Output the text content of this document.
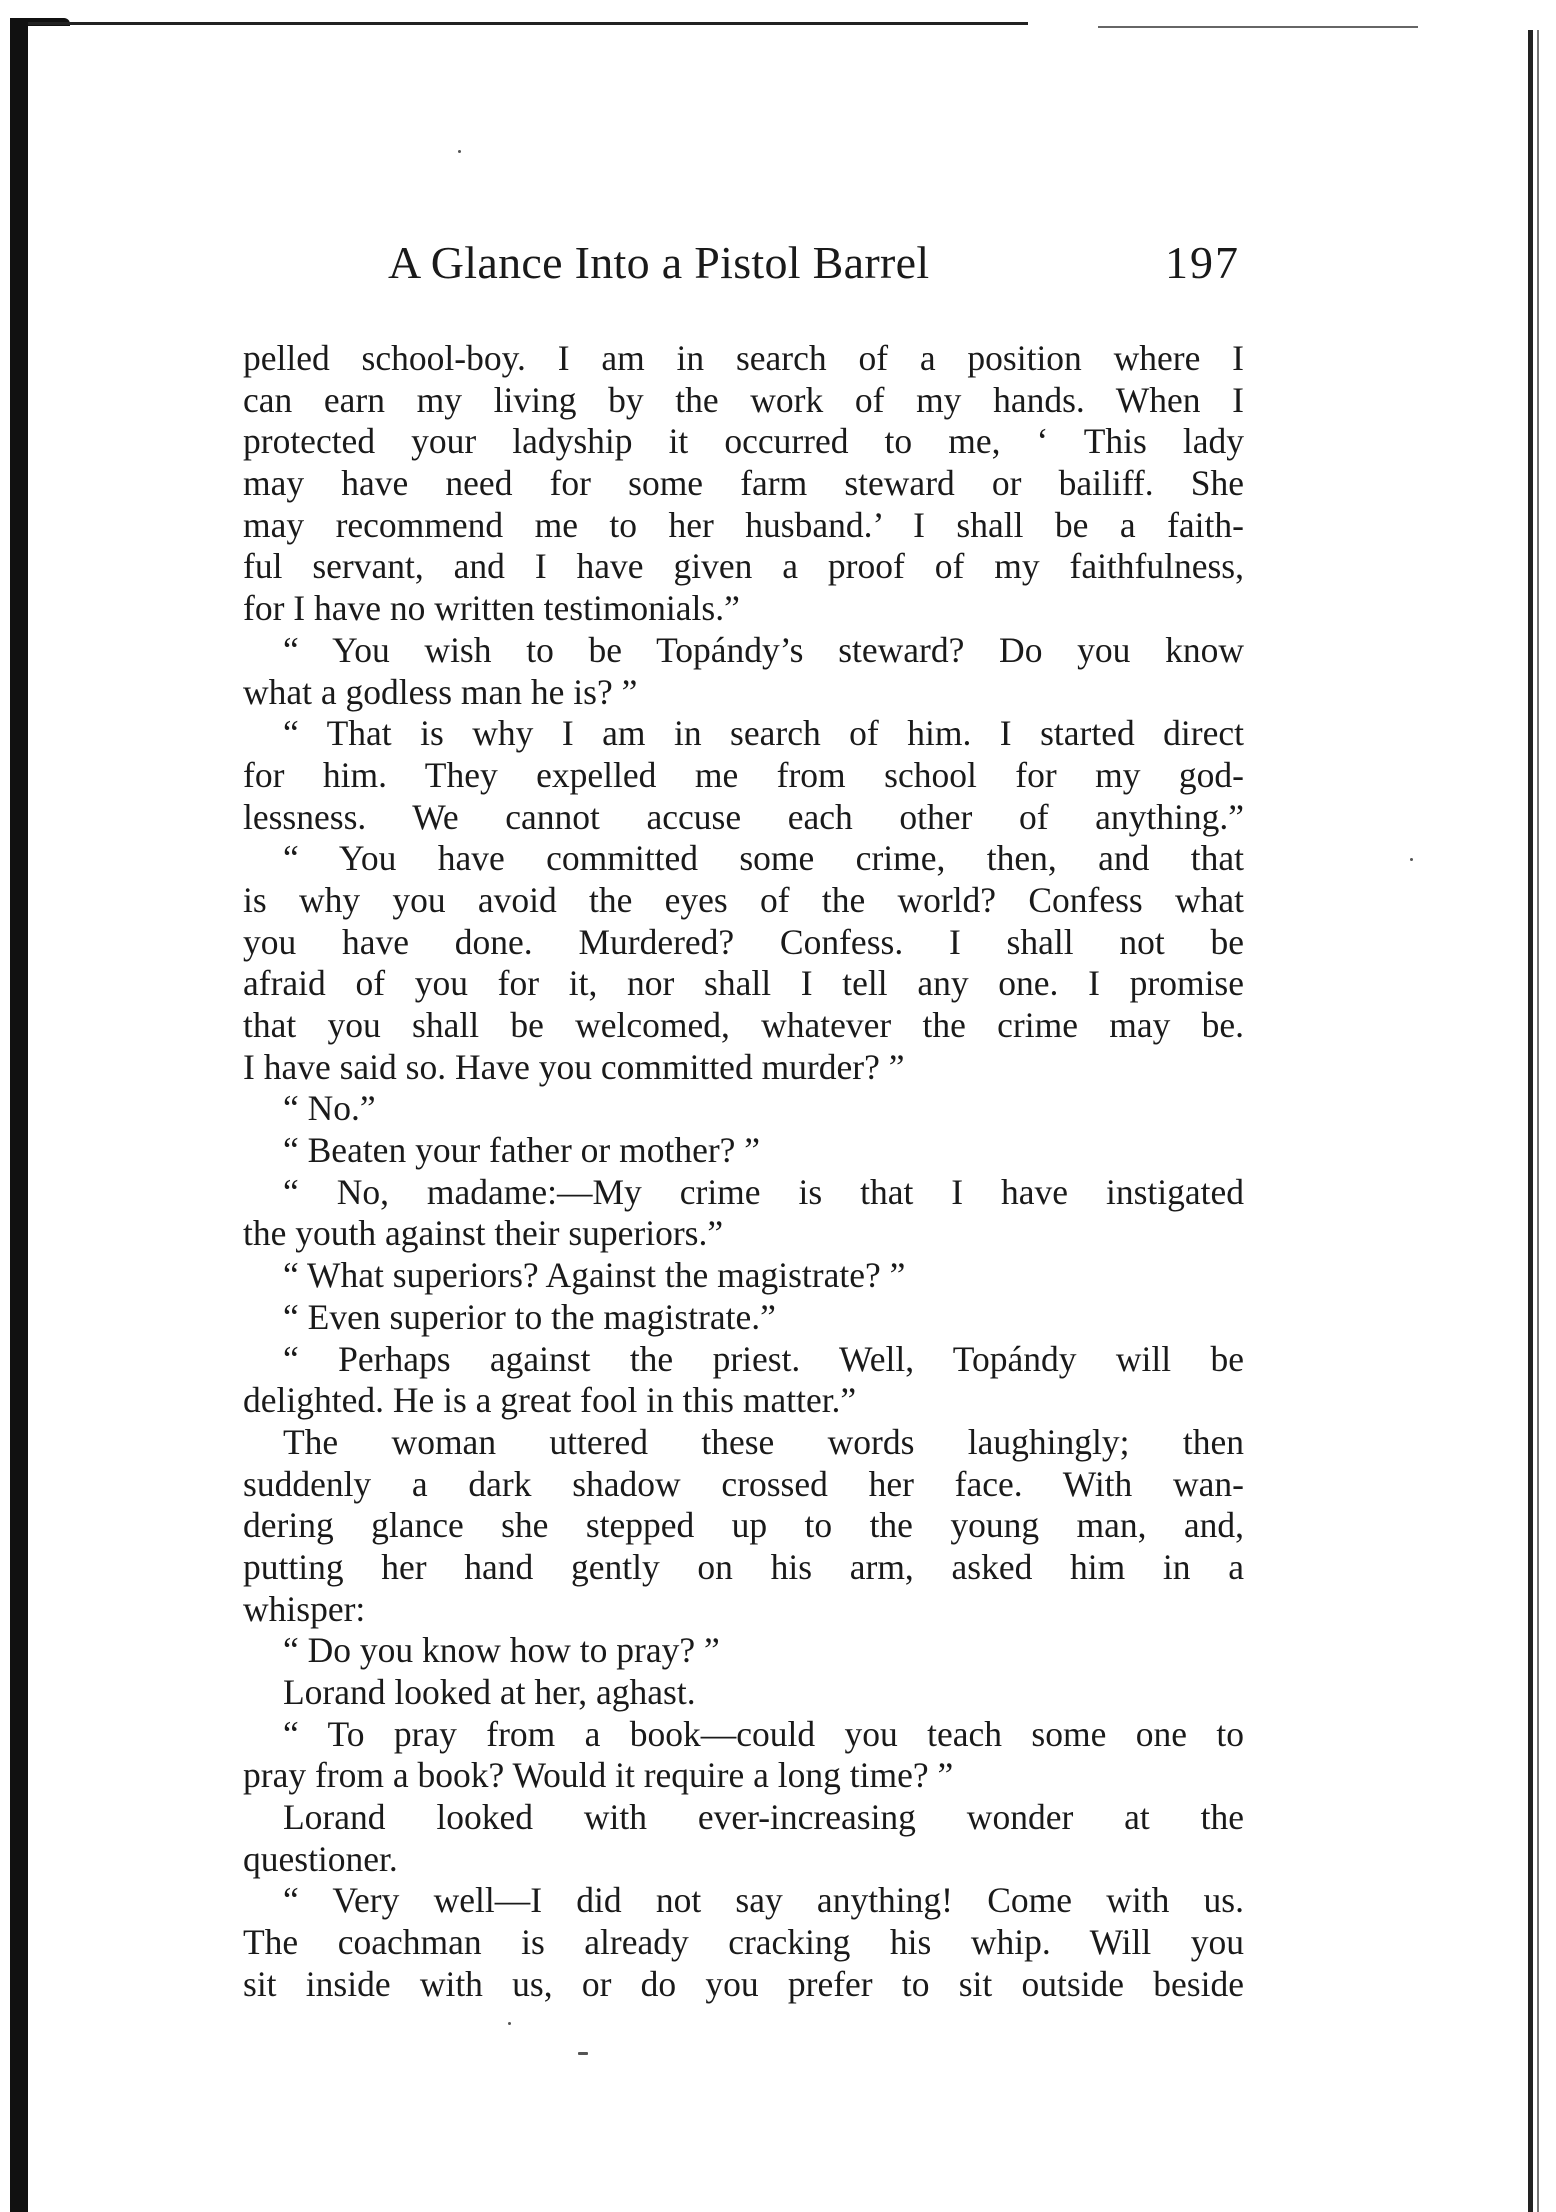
A Glance Into a Pistol Barrel	197
pelled school-boy. I am in search of a position where I
can earn my living by the work of my hands. When I
protected your ladyship it occurred to me, ‘ This lady
may have need for some farm steward or bailiff. She
may recommend me to her husband.’ I shall be a faith-
ful servant, and I have given a proof of my faithfulness,
for I have no written testimonials.”
“ You wish to be Topándy’s steward? Do you know
what a godless man he is? ”
“ That is why I am in search of him. I started direct
for him. They expelled me from school for my god-
lessness. We cannot accuse each other of anything.”
“ You have committed some crime, then, and that
is why you avoid the eyes of the world? Confess what
you have done. Murdered? Confess. I shall not be
afraid of you for it, nor shall I tell any one. I promise
that you shall be welcomed, whatever the crime may be.
I have said so. Have you committed murder? ”
“ No.”
“ Beaten your father or mother? ”
“ No, madame:—My crime is that I have instigated
the youth against their superiors.”
“ What superiors? Against the magistrate? ”
“ Even superior to the magistrate.”
“ Perhaps against the priest. Well, Topándy will be
delighted. He is a great fool in this matter.”
The woman uttered these words laughingly; then
suddenly a dark shadow crossed her face. With wan-
dering glance she stepped up to the young man, and,
putting her hand gently on his arm, asked him in a
whisper:
“ Do you know how to pray? ”
Lorand looked at her, aghast.
“ To pray from a book—could you teach some one to
pray from a book? Would it require a long time? ”
Lorand looked with ever-increasing wonder at the
questioner.
“ Very well—I did not say anything! Come with us.
The coachman is already cracking his whip. Will you
sit inside with us, or do you prefer to sit outside beside
